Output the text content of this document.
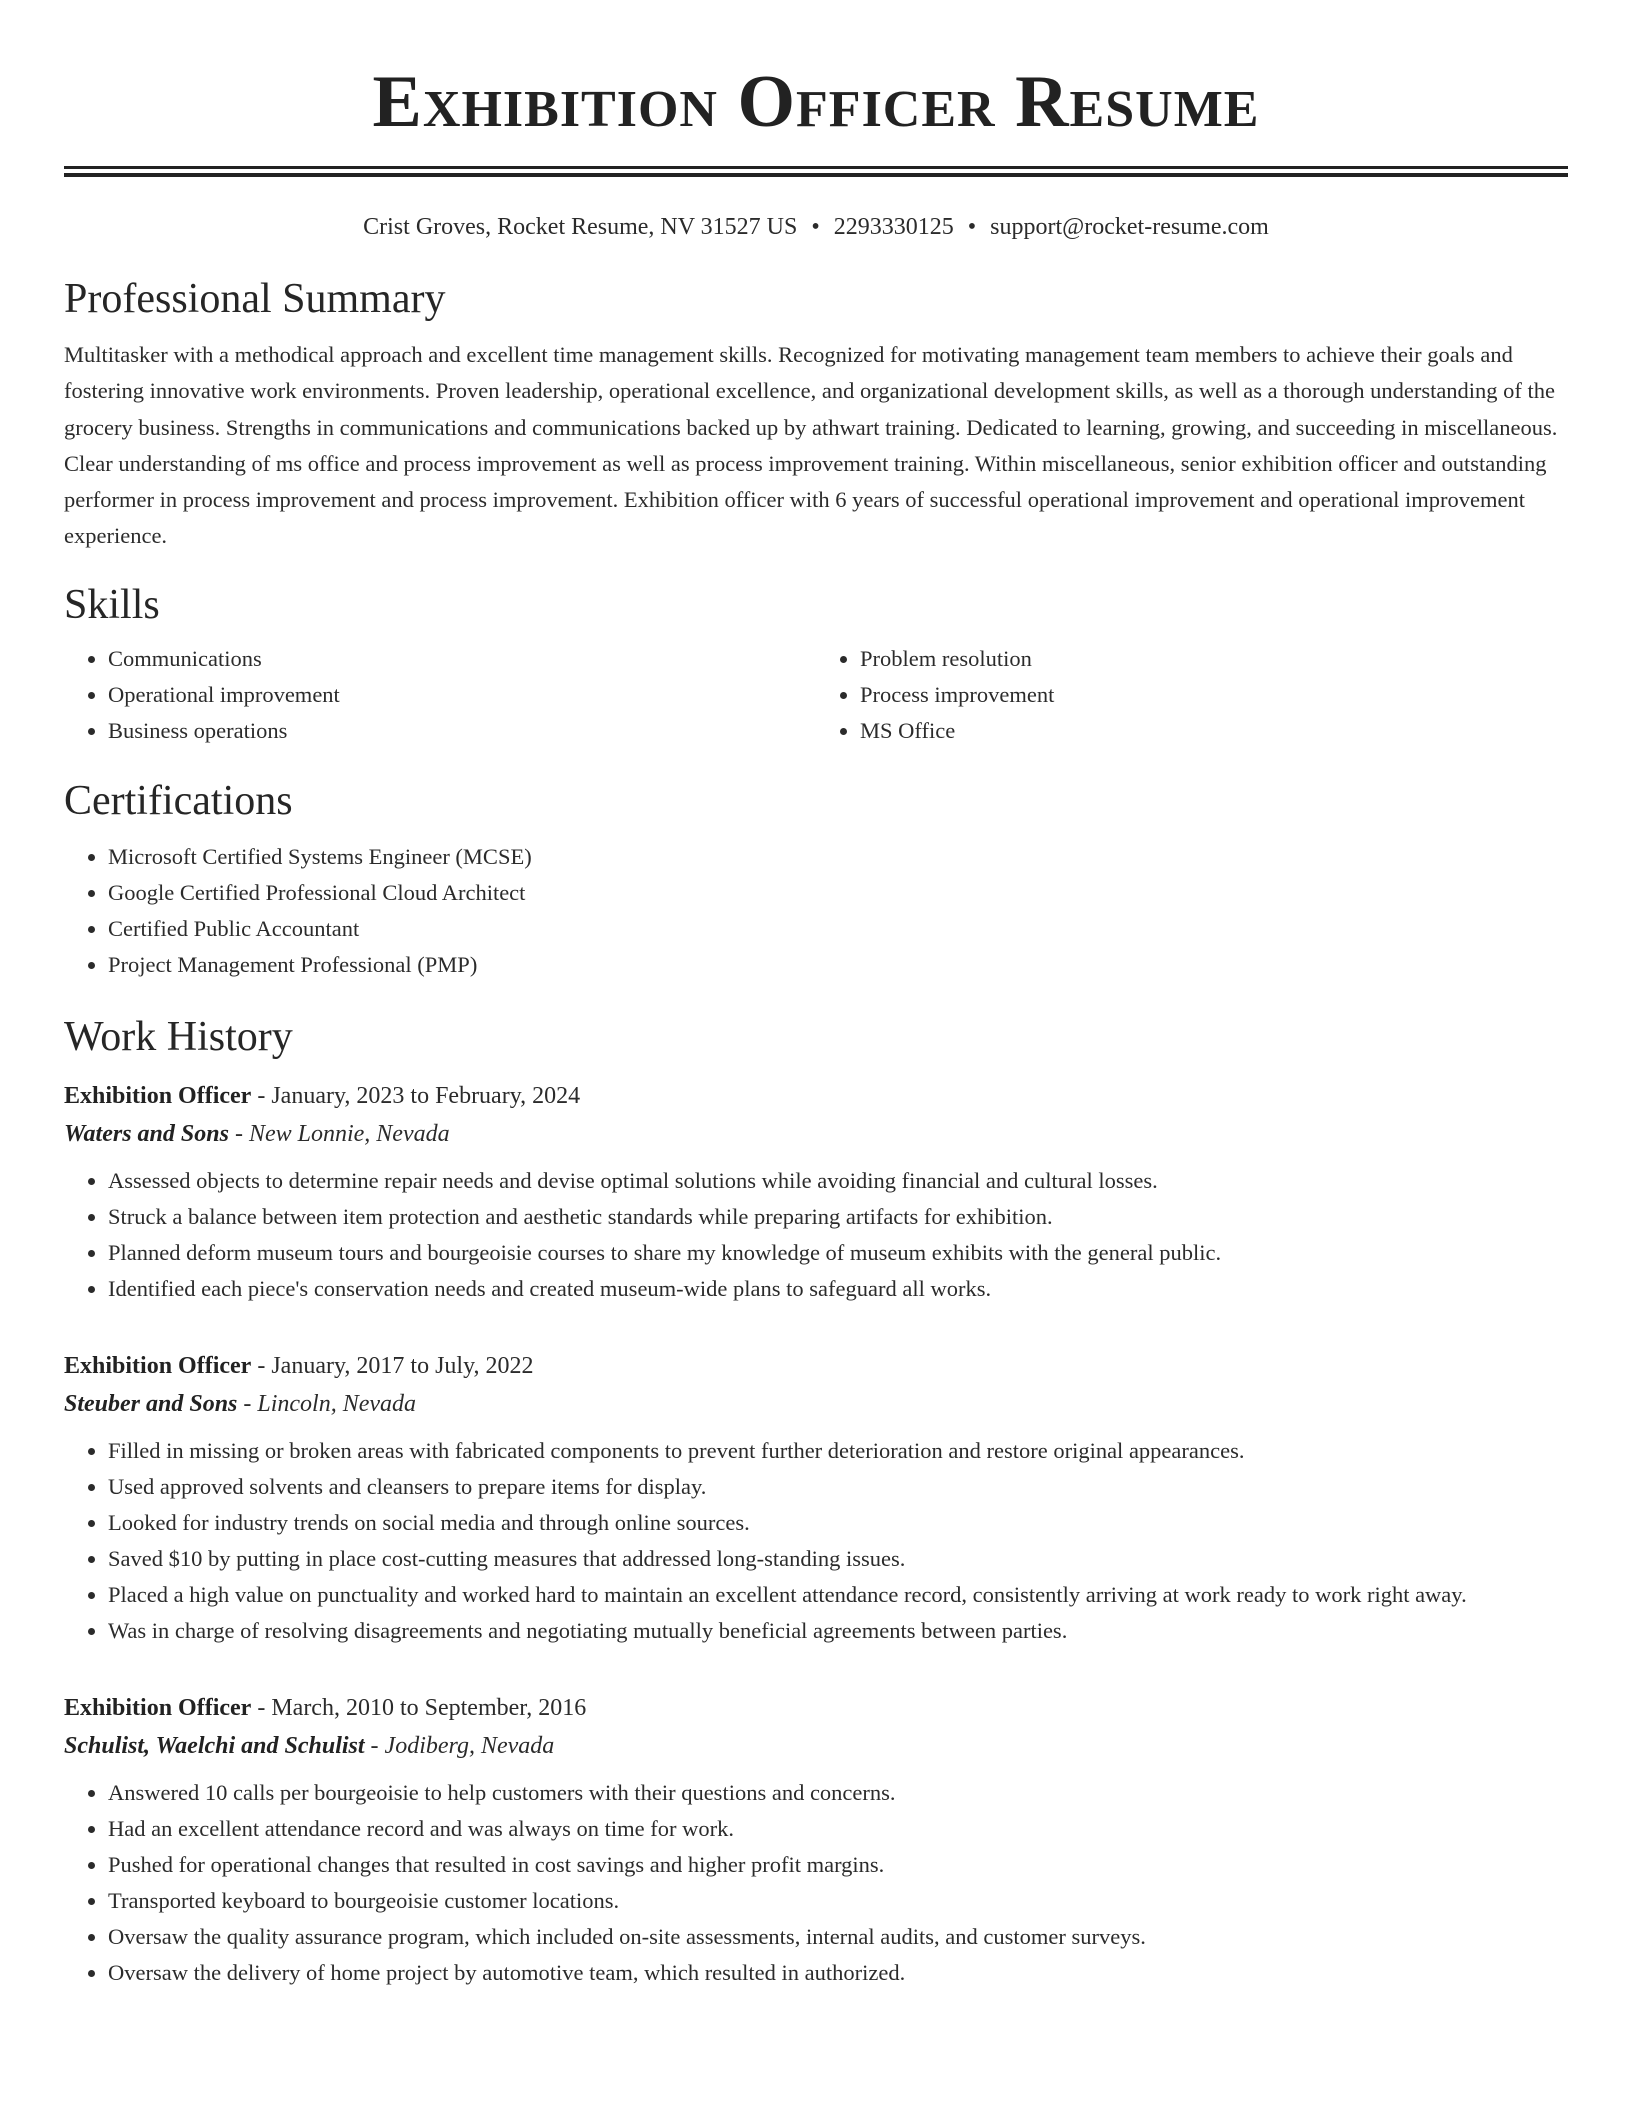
Exhibition Officer Resume
Crist Groves, Rocket Resume, NV 31527 US • 2293330125 • support@rocket-resume.com
Professional Summary

Multitasker with a methodical approach and excellent time management skills. Recognized for motivating management team members to achieve their goals and fostering innovative work environments. Proven leadership, operational excellence, and organizational development skills, as well as a thorough understanding of the grocery business. Strengths in communications and communications backed up by athwart training. Dedicated to learning, growing, and succeeding in miscellaneous. Clear understanding of ms office and process improvement as well as process improvement training. Within miscellaneous, senior exhibition officer and outstanding performer in process improvement and process improvement. Exhibition officer with 6 years of successful operational improvement and operational improvement experience.

Skills
• Communications
• Operational improvement
• Business operations
• Problem resolution
• Process improvement
• MS Office
Certifications
• Microsoft Certified Systems Engineer (MCSE)
• Google Certified Professional Cloud Architect
• Certified Public Accountant
• Project Management Professional (PMP)
Work History
Exhibition Officer - January, 2023 to February, 2024
Waters and Sons - New Lonnie, Nevada
• Assessed objects to determine repair needs and devise optimal solutions while avoiding financial and cultural losses.
• Struck a balance between item protection and aesthetic standards while preparing artifacts for exhibition.
• Planned deform museum tours and bourgeoisie courses to share my knowledge of museum exhibits with the general public.
• Identified each piece's conservation needs and created museum-wide plans to safeguard all works.
Exhibition Officer - January, 2017 to July, 2022
Steuber and Sons - Lincoln, Nevada
• Filled in missing or broken areas with fabricated components to prevent further deterioration and restore original appearances.
• Used approved solvents and cleansers to prepare items for display.
• Looked for industry trends on social media and through online sources.
• Saved $10 by putting in place cost-cutting measures that addressed long-standing issues.
• Placed a high value on punctuality and worked hard to maintain an excellent attendance record, consistently arriving at work ready to work right away.
• Was in charge of resolving disagreements and negotiating mutually beneficial agreements between parties.
Exhibition Officer - March, 2010 to September, 2016
Schulist, Waelchi and Schulist - Jodiberg, Nevada
• Answered 10 calls per bourgeoisie to help customers with their questions and concerns.
• Had an excellent attendance record and was always on time for work.
• Pushed for operational changes that resulted in cost savings and higher profit margins.
• Transported keyboard to bourgeoisie customer locations.
• Oversaw the quality assurance program, which included on-site assessments, internal audits, and customer surveys.
• Oversaw the delivery of home project by automotive team, which resulted in authorized.
